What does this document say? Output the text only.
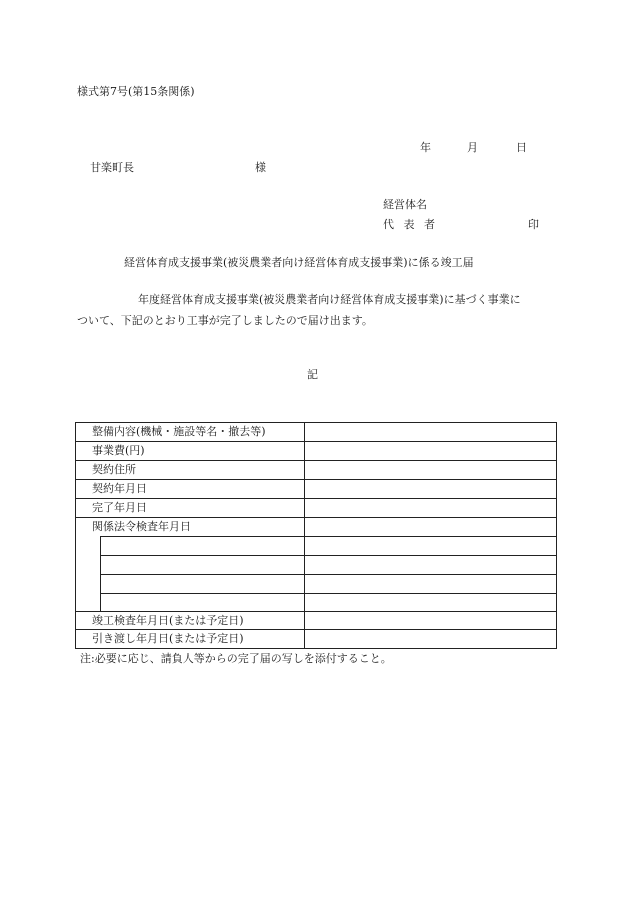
様式第7号(第15条関係)
年	月	日
甘楽町長	様
経営体名
代 表 者	印
経営体育成支援事業(被災農業者向け経営体育成支援事業)に係る竣工届
年度経営体育成支援事業(被災農業者向け経営体育成支援事業)に基づく事業に
ついて、下記のとおり工事が完了しましたので届け出ます。
記
整備内容(機械・施設等名・撤去等)
事業費(円)
契約住所
契約年月日
完了年月日
関係法令検査年月日
竣工検査年月日(または予定日)
引き渡し年月日(または予定日)
注:必要に応じ、請負人等からの完了届の写しを添付すること。
